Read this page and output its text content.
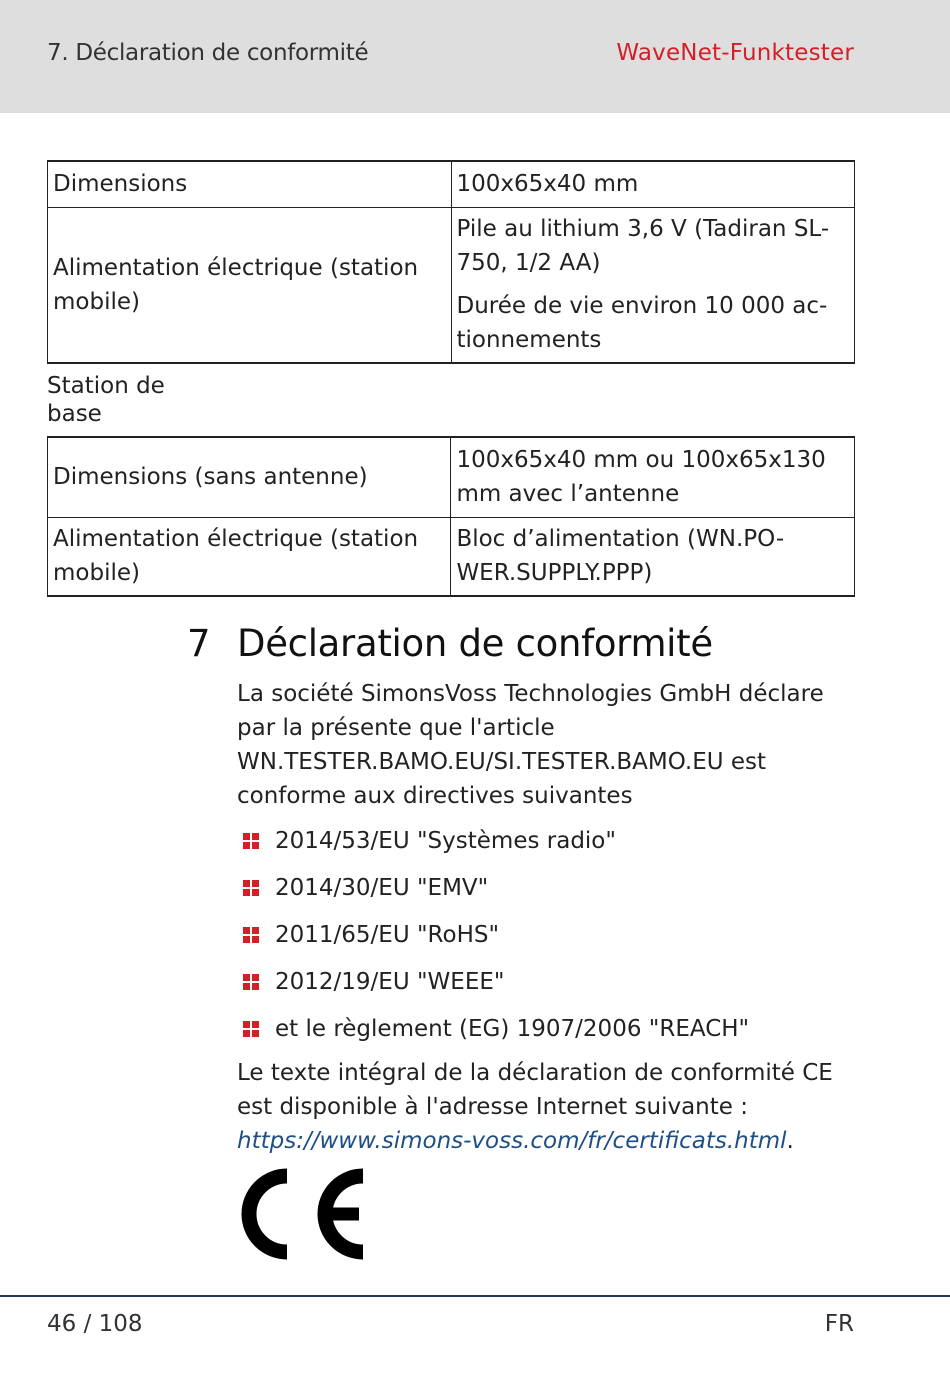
7. Déclaration de conformité	WaveNet-Funktester
Dimensions	100x65x40 mm
Alimentation électrique (station mobile)	Pile au lithium 3,6 V (Tadiran SL-750, 1/2 AA)
Durée de vie environ 10 000 ac-tionnements
Station de base
Dimensions (sans antenne)	100x65x40 mm ou 100x65x130 mm avec l’antenne
Alimentation électrique (station mobile)	Bloc d’alimentation (WN.PO-WER.SUPPLY.PPP)
7 Déclaration de conformité
La société SimonsVoss Technologies GmbH déclare par la présente que l'article WN.TESTER.BAMO.EU/SI.TESTER.BAMO.EU est conforme aux directives suivantes
2014/53/EU "Systèmes radio"
2014/30/EU "EMV"
2011/65/EU "RoHS"
2012/19/EU "WEEE"
et le règlement (EG) 1907/2006 "REACH"
Le texte intégral de la déclaration de conformité CE est disponible à l'adresse Internet suivante : https://www.simons-voss.com/fr/certificats.html.
46 / 108	FR
